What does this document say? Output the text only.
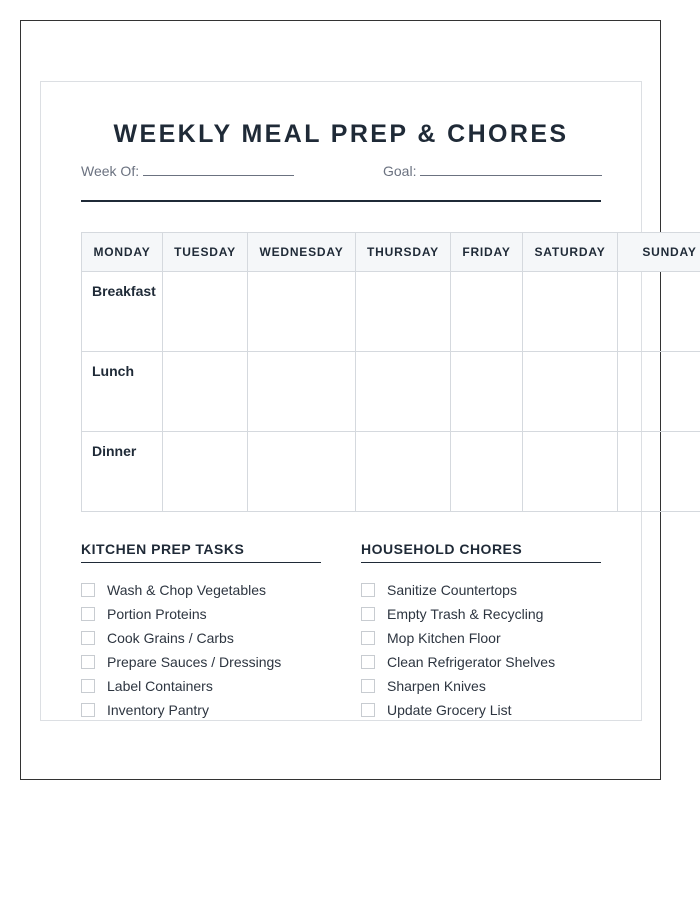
WEEKLY MEAL PREP & CHORES
Week Of:	Goal:
MONDAY	TUESDAY	WEDNESDAY	THURSDAY	FRIDAY	SATURDAY	SUNDAY
Breakfast						
Lunch						
Dinner						
KITCHEN PREP TASKS
Wash & Chop Vegetables
Portion Proteins
Cook Grains / Carbs
Prepare Sauces / Dressings
Label Containers
Inventory Pantry
HOUSEHOLD CHORES
Sanitize Countertops
Empty Trash & Recycling
Mop Kitchen Floor
Clean Refrigerator Shelves
Sharpen Knives
Update Grocery List
